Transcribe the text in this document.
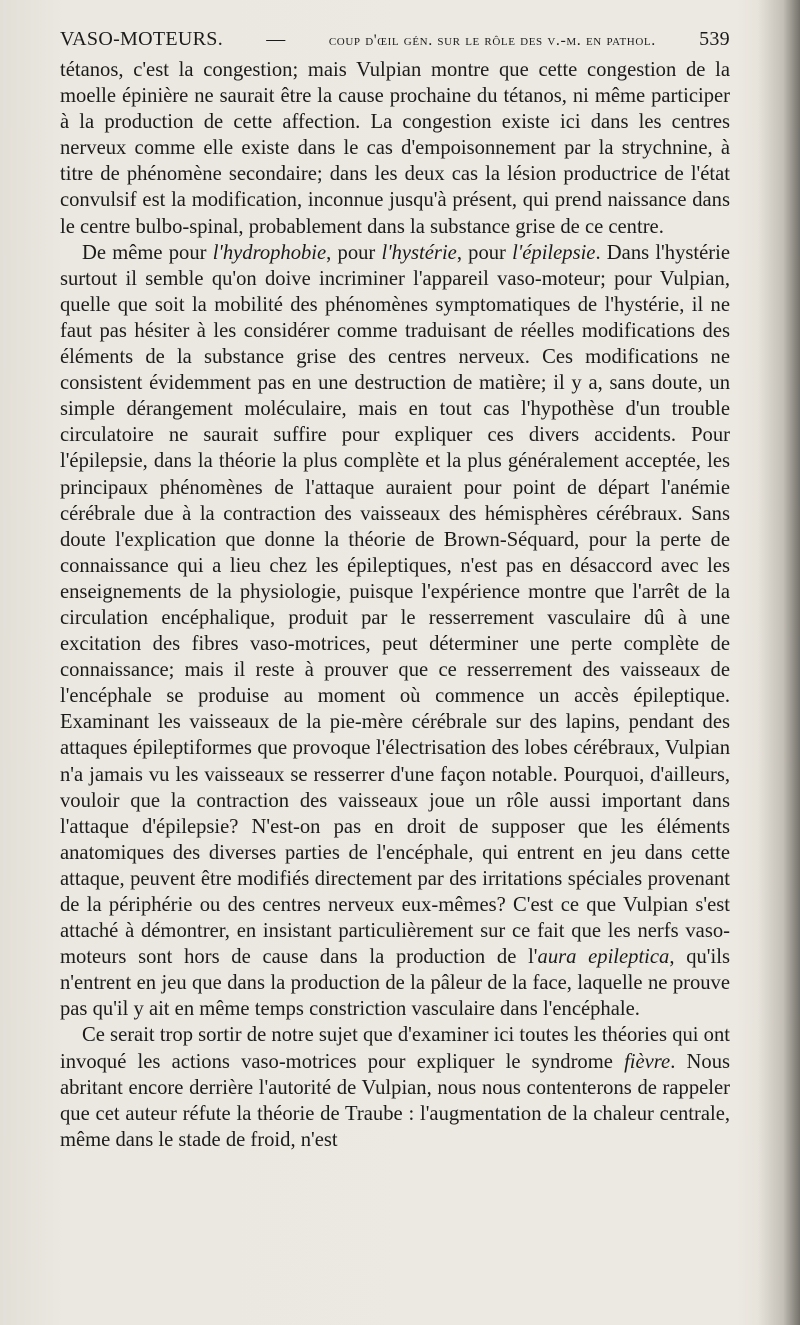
VASO-MOTEURS. —	coup d'œil gén. sur le rôle des v.-m. en pathol. 539

tétanos, c'est la congestion; mais Vulpian montre que cette congestion de la moelle épinière ne saurait être la cause prochaine du tétanos, ni même participer à la production de cette affection. La congestion existe ici dans les centres nerveux comme elle existe dans le cas d'empoisonnement par la strychnine, à titre de phénomène secondaire; dans les deux cas la lésion productrice de l'état convulsif est la modification, inconnue jusqu'à présent, qui prend naissance dans le centre bulbo-spinal, probablement dans la substance grise de ce centre.

De même pour l'hydrophobie, pour l'hystérie, pour l'épilepsie. Dans l'hystérie surtout il semble qu'on doive incriminer l'appareil vaso-moteur; pour Vulpian, quelle que soit la mobilité des phénomènes symptomatiques de l'hystérie, il ne faut pas hésiter à les considérer comme traduisant de réelles modifications des éléments de la substance grise des centres nerveux. Ces modifications ne consistent évidemment pas en une destruction de matière; il y a, sans doute, un simple dérangement moléculaire, mais en tout cas l'hypothèse d'un trouble circulatoire ne saurait suffire pour expliquer ces divers accidents. Pour l'épilepsie, dans la théorie la plus complète et la plus généralement acceptée, les principaux phénomènes de l'attaque auraient pour point de départ l'anémie cérébrale due à la contraction des vaisseaux des hémisphères cérébraux. Sans doute l'explication que donne la théorie de Brown-Séquard, pour la perte de connaissance qui a lieu chez les épileptiques, n'est pas en désaccord avec les enseignements de la physiologie, puisque l'expérience montre que l'arrêt de la circulation encéphalique, produit par le resserrement vasculaire dû à une excitation des fibres vaso-motrices, peut déterminer une perte complète de connaissance; mais il reste à prouver que ce resserrement des vaisseaux de l'encéphale se produise au moment où commence un accès épileptique. Examinant les vaisseaux de la pie-mère cérébrale sur des lapins, pendant des attaques épileptiformes que provoque l'électrisation des lobes cérébraux, Vulpian n'a jamais vu les vaisseaux se resserrer d'une façon notable. Pourquoi, d'ailleurs, vouloir que la contraction des vaisseaux joue un rôle aussi important dans l'attaque d'épilepsie? N'est-on pas en droit de supposer que les éléments anatomiques des diverses parties de l'encéphale, qui entrent en jeu dans cette attaque, peuvent être modifiés directement par des irritations spéciales provenant de la périphérie ou des centres nerveux eux-mêmes? C'est ce que Vulpian s'est attaché à démontrer, en insistant particulièrement sur ce fait que les nerfs vaso-moteurs sont hors de cause dans la production de l'aura epileptica, qu'ils n'entrent en jeu que dans la production de la pâleur de la face, laquelle ne prouve pas qu'il y ait en même temps constriction vasculaire dans l'encéphale.

Ce serait trop sortir de notre sujet que d'examiner ici toutes les théories qui ont invoqué les actions vaso-motrices pour expliquer le syndrome fièvre. Nous abritant encore derrière l'autorité de Vulpian, nous nous contenterons de rappeler que cet auteur réfute la théorie de Traube : l'augmentation de la chaleur centrale, même dans le stade de froid, n'est
